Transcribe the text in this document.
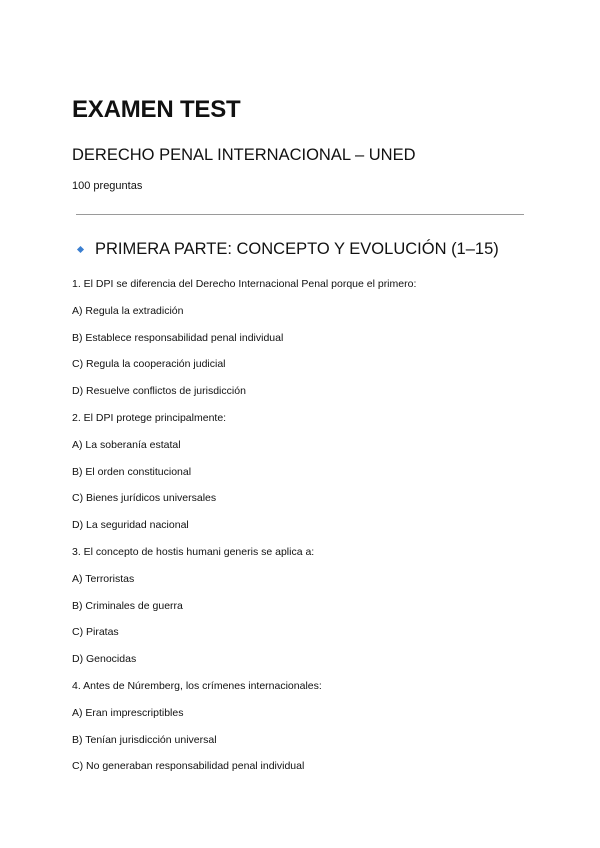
EXAMEN TEST
DERECHO PENAL INTERNACIONAL – UNED

100 preguntas

PRIMERA PARTE: CONCEPTO Y EVOLUCIÓN (1–15)
1. El DPI se diferencia del Derecho Internacional Penal porque el primero:
A) Regula la extradición
B) Establece responsabilidad penal individual
C) Regula la cooperación judicial
D) Resuelve conflictos de jurisdicción
2. El DPI protege principalmente:
A) La soberanía estatal
B) El orden constitucional
C) Bienes jurídicos universales
D) La seguridad nacional
3. El concepto de hostis humani generis se aplica a:
A) Terroristas
B) Criminales de guerra
C) Piratas
D) Genocidas
4. Antes de Núremberg, los crímenes internacionales:
A) Eran imprescriptibles
B) Tenían jurisdicción universal
C) No generaban responsabilidad penal individual
